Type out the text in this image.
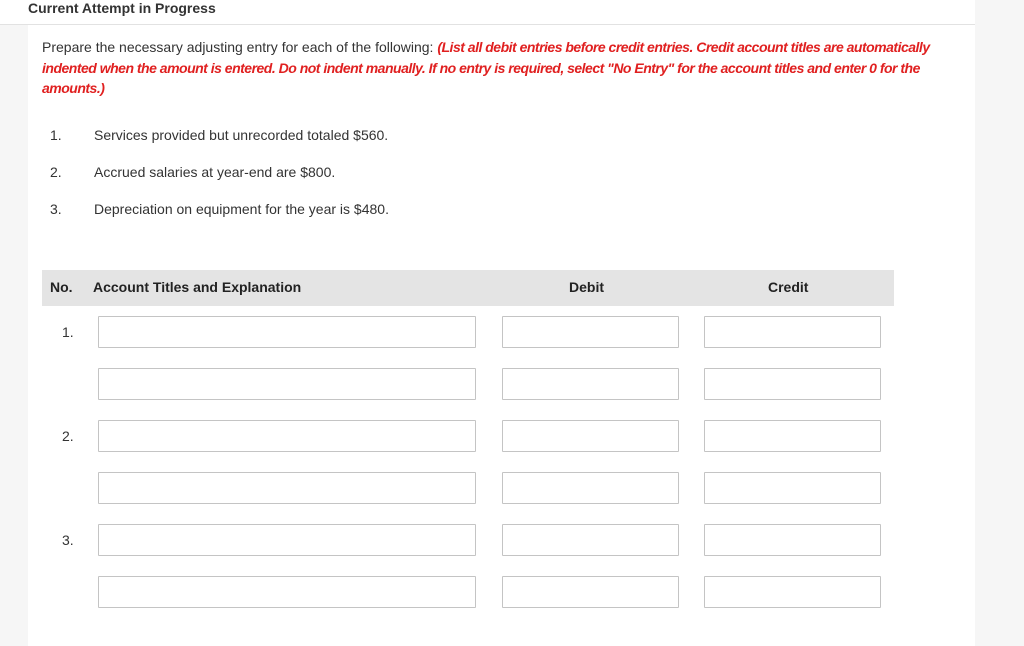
Current Attempt in Progress
Prepare the necessary adjusting entry for each of the following: (List all debit entries before credit entries. Credit account titles are automatically indented when the amount is entered. Do not indent manually. If no entry is required, select "No Entry" for the account titles and enter 0 for the amounts.)
1. Services provided but unrecorded totaled $560.
2. Accrued salaries at year-end are $800.
3. Depreciation on equipment for the year is $480.
No. Account Titles and Explanation	Debit	Credit
1.
2.
3.
